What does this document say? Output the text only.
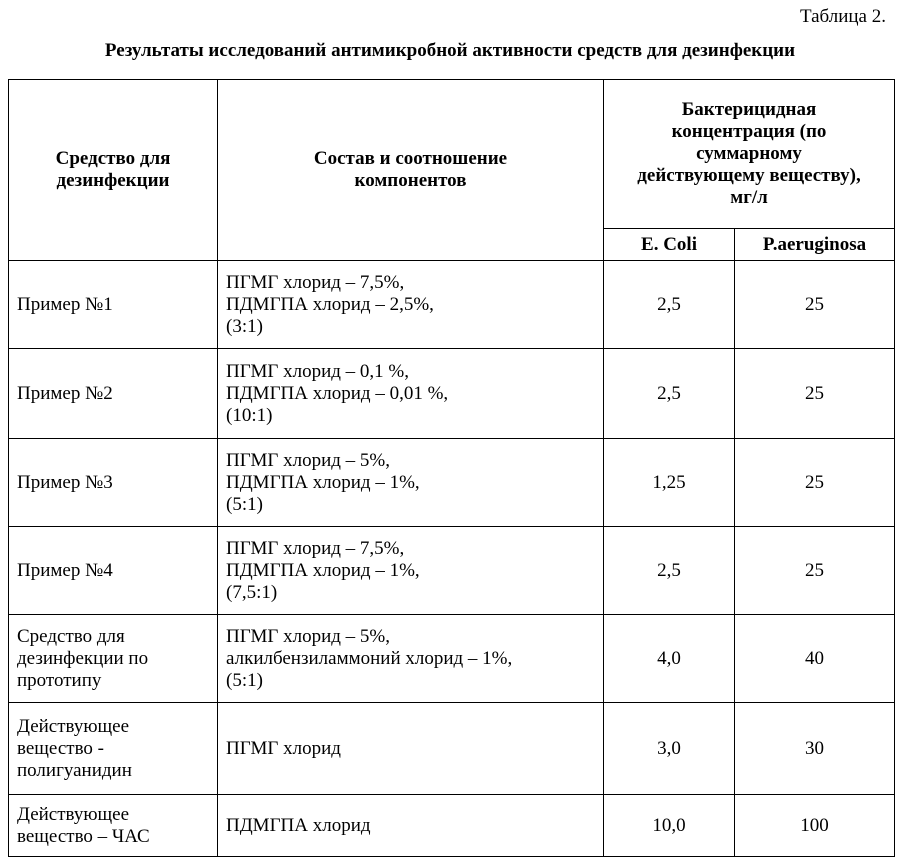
Таблица 2.
Результаты исследований антимикробной активности средств для дезинфекции
Средство для
дезинфекции	Состав и соотношение
компонентов	Бактерицидная
концентрация (по
суммарному
действующему веществу),
мг/л	

		E. Coli	P.aeruginosa

Пример №1	ПГМГ хлорид – 7,5%,
ПДМГПА хлорид – 2,5%,
(3:1)	2,5	25

Пример №2	ПГМГ хлорид – 0,1 %,
ПДМГПА хлорид – 0,01 %,
(10:1)	2,5	25

Пример №3	ПГМГ хлорид – 5%,
ПДМГПА хлорид – 1%,
(5:1)	1,25	25

Пример №4	ПГМГ хлорид – 7,5%,
ПДМГПА хлорид – 1%,
(7,5:1)	2,5	25

Средство для
дезинфекции по
прототипу	ПГМГ хлорид – 5%,
алкилбензиламмоний хлорид – 1%,
(5:1)	4,0	40

Действующее
вещество -
полигуанидин	ПГМГ хлорид	3,0	30

Действующее
вещество – ЧАС	ПДМГПА хлорид	10,0	100
